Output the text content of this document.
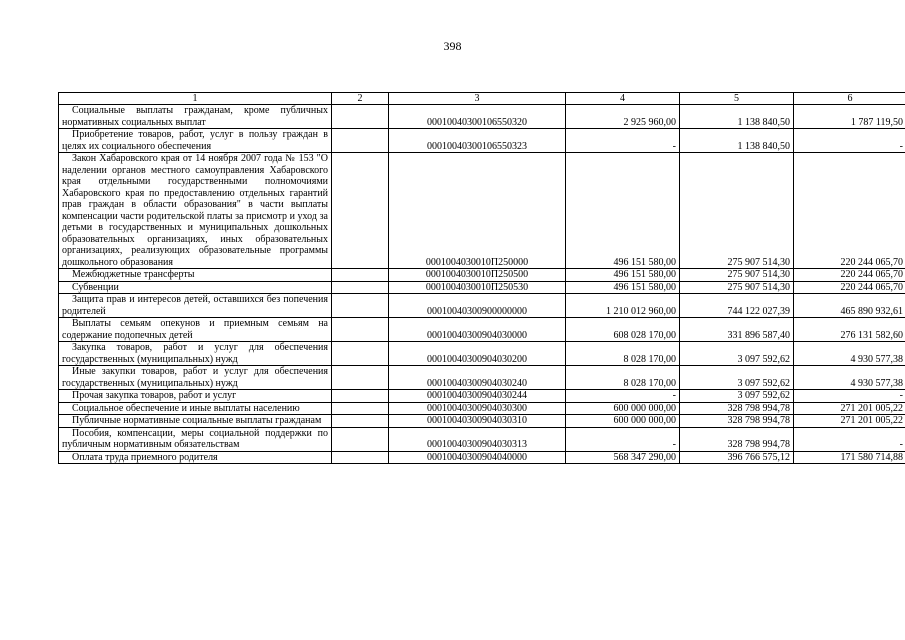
398
1	2	3	4	5	6
Социальные выплаты гражданам, кроме публичных нормативных социальных выплат		00010040300106550320	2 925 960,00	1 138 840,50	1 787 119,50
Приобретение товаров, работ, услуг в пользу граждан в целях их социального обеспечения		00010040300106550323	-	1 138 840,50	-
Закон Хабаровского края от 14 ноября 2007 года № 153 "О наделении органов местного самоуправления Хабаровского края отдельными государственными полномочиями Хабаровского края по предоставлению отдельных гарантий прав граждан в области образования" в части выплаты компенсации части родительской платы за присмотр и уход за детьми в государственных и муниципальных дошкольных образовательных организациях, иных образовательных организациях, реализующих образовательные программы дошкольного образования		0001004030010П250000	496 151 580,00	275 907 514,30	220 244 065,70
Межбюджетные трансферты		0001004030010П250500	496 151 580,00	275 907 514,30	220 244 065,70
Субвенции		0001004030010П250530	496 151 580,00	275 907 514,30	220 244 065,70
Защита прав и интересов детей, оставшихся без попечения родителей		00010040300900000000	1 210 012 960,00	744 122 027,39	465 890 932,61
Выплаты семьям опекунов и приемным семьям на содержание подопечных детей		00010040300904030000	608 028 170,00	331 896 587,40	276 131 582,60
Закупка товаров, работ и услуг для обеспечения государственных (муниципальных) нужд		00010040300904030200	8 028 170,00	3 097 592,62	4 930 577,38
Иные закупки товаров, работ и услуг для обеспечения государственных (муниципальных) нужд		00010040300904030240	8 028 170,00	3 097 592,62	4 930 577,38
Прочая закупка товаров, работ и услуг		00010040300904030244	-	3 097 592,62	-
Социальное обеспечение и иные выплаты населению		00010040300904030300	600 000 000,00	328 798 994,78	271 201 005,22
Публичные нормативные социальные выплаты гражданам		00010040300904030310	600 000 000,00	328 798 994,78	271 201 005,22
Пособия, компенсации, меры социальной поддержки по публичным нормативным обязательствам		00010040300904030313	-	328 798 994,78	-
Оплата труда приемного родителя		00010040300904040000	568 347 290,00	396 766 575,12	171 580 714,88
